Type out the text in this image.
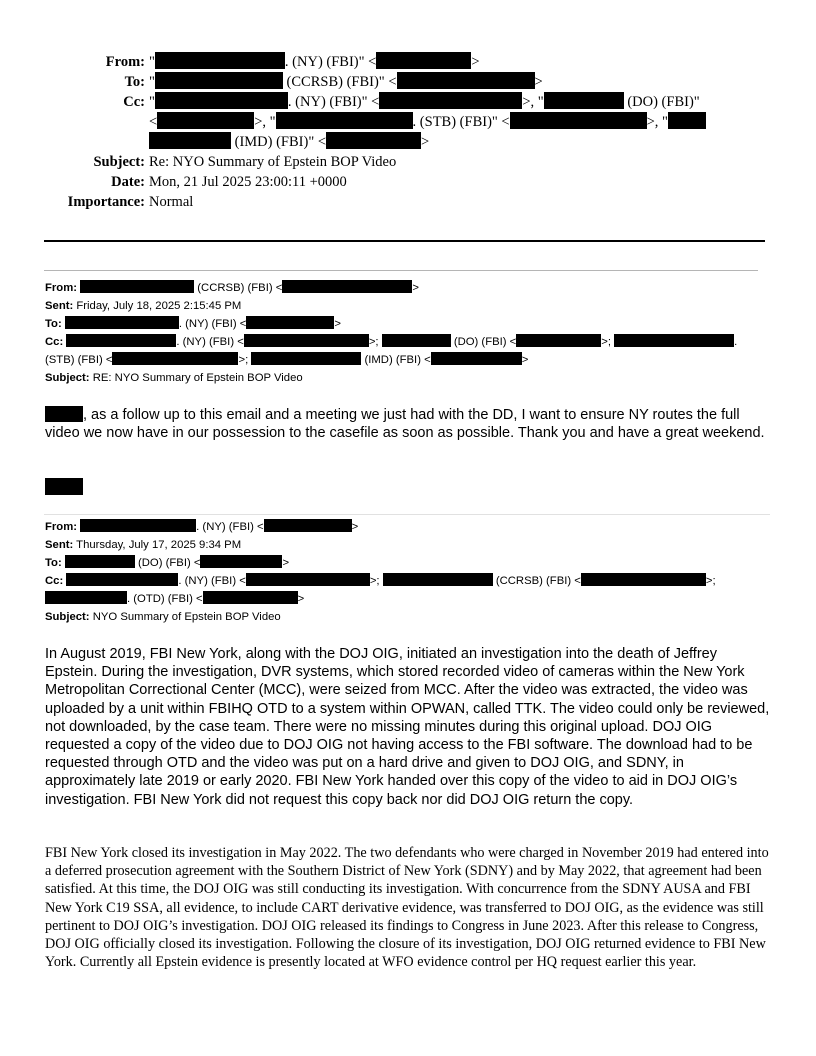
From: "	. (NY) (FBI)" <	>
To: "	(CCRSB) (FBI)" <	>
Cc: "	. (NY) (FBI)" <	>, "	(DO) (FBI)"
<	>, "	. (STB) (FBI)" <	>, "
(IMD) (FBI)" <	>
Subject: Re: NYO Summary of Epstein BOP Video
Date: Mon, 21 Jul 2025 23:00:11 +0000
Importance: Normal
From:	(CCRSB) (FBI) <	>
Sent: Friday, July 18, 2025 2:15:45 PM
To:	. (NY) (FBI) <	>
Cc:	. (NY) (FBI) <	>;	(DO) (FBI) <	>;	.
(STB) (FBI) <	>;	(IMD) (FBI) <	>
Subject: RE: NYO Summary of Epstein BOP Video
, as a follow up to this email and a meeting we just had with the DD, I want to ensure NY routes the full video we now have in our possession to the casefile as soon as possible. Thank you and have a great weekend.
From:	. (NY) (FBI) <	>
Sent: Thursday, July 17, 2025 9:34 PM
To:	(DO) (FBI) <	>
Cc:	. (NY) (FBI) <	>;	(CCRSB) (FBI) <	>;
. (OTD) (FBI) <	>
Subject: NYO Summary of Epstein BOP Video
In August 2019, FBI New York, along with the DOJ OIG, initiated an investigation into the death of Jeffrey Epstein. During the investigation, DVR systems, which stored recorded video of cameras within the New York Metropolitan Correctional Center (MCC), were seized from MCC. After the video was extracted, the video was uploaded by a unit within FBIHQ OTD to a system within OPWAN, called TTK. The video could only be reviewed, not downloaded, by the case team. There were no missing minutes during this original upload. DOJ OIG requested a copy of the video due to DOJ OIG not having access to the FBI software. The download had to be requested through OTD and the video was put on a hard drive and given to DOJ OIG, and SDNY, in approximately late 2019 or early 2020. FBI New York handed over this copy of the video to aid in DOJ OIG’s investigation. FBI New York did not request this copy back nor did DOJ OIG return the copy.
FBI New York closed its investigation in May 2022. The two defendants who were charged in November 2019 had entered into a deferred prosecution agreement with the Southern District of New York (SDNY) and by May 2022, that agreement had been satisfied. At this time, the DOJ OIG was still conducting its investigation. With concurrence from the SDNY AUSA and FBI New York C19 SSA, all evidence, to include CART derivative evidence, was transferred to DOJ OIG, as the evidence was still pertinent to DOJ OIG’s investigation. DOJ OIG released its findings to Congress in June 2023. After this release to Congress, DOJ OIG officially closed its investigation. Following the closure of its investigation, DOJ OIG returned evidence to FBI New York. Currently all Epstein evidence is presently located at WFO evidence control per HQ request earlier this year.
